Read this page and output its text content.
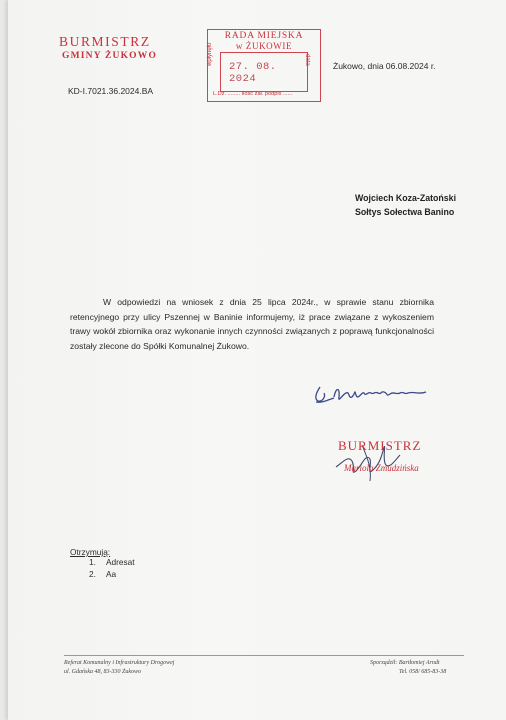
BURMISTRZ
GMINY ŻUKOWO
RADA MIEJSKA
w ŻUKOWIE
27. 08. 2024
wpłynęło	data
L.Dz. ........ Ilość zał. podpis ......
Żukowo, dnia 06.08.2024 r.
KD-I.7021.36.2024.BA
Wojciech Koza-Zatoński
Sołtys Sołectwa Banino
W odpowiedzi na wniosek z dnia 25 lipca 2024r., w sprawie stanu zbiornika retencyjnego przy ulicy Pszennej w Baninie informujemy, iż prace związane z wykoszeniem trawy wokół zbiornika oraz wykonanie innych czynności związanych z poprawą funkcjonalności zostały zlecone do Spółki Komunalnej Żukowo.
BURMISTRZ
Mariola Zmudzińska
Otrzymują:
1. Adresat
2. Aa
Referat Komunalny i Infrastruktury Drogowej
ul. Gdańska 48, 83-330 Żukowo
Sporządził: Bartłomiej Arndt
Tel. 058/ 685-83-38
